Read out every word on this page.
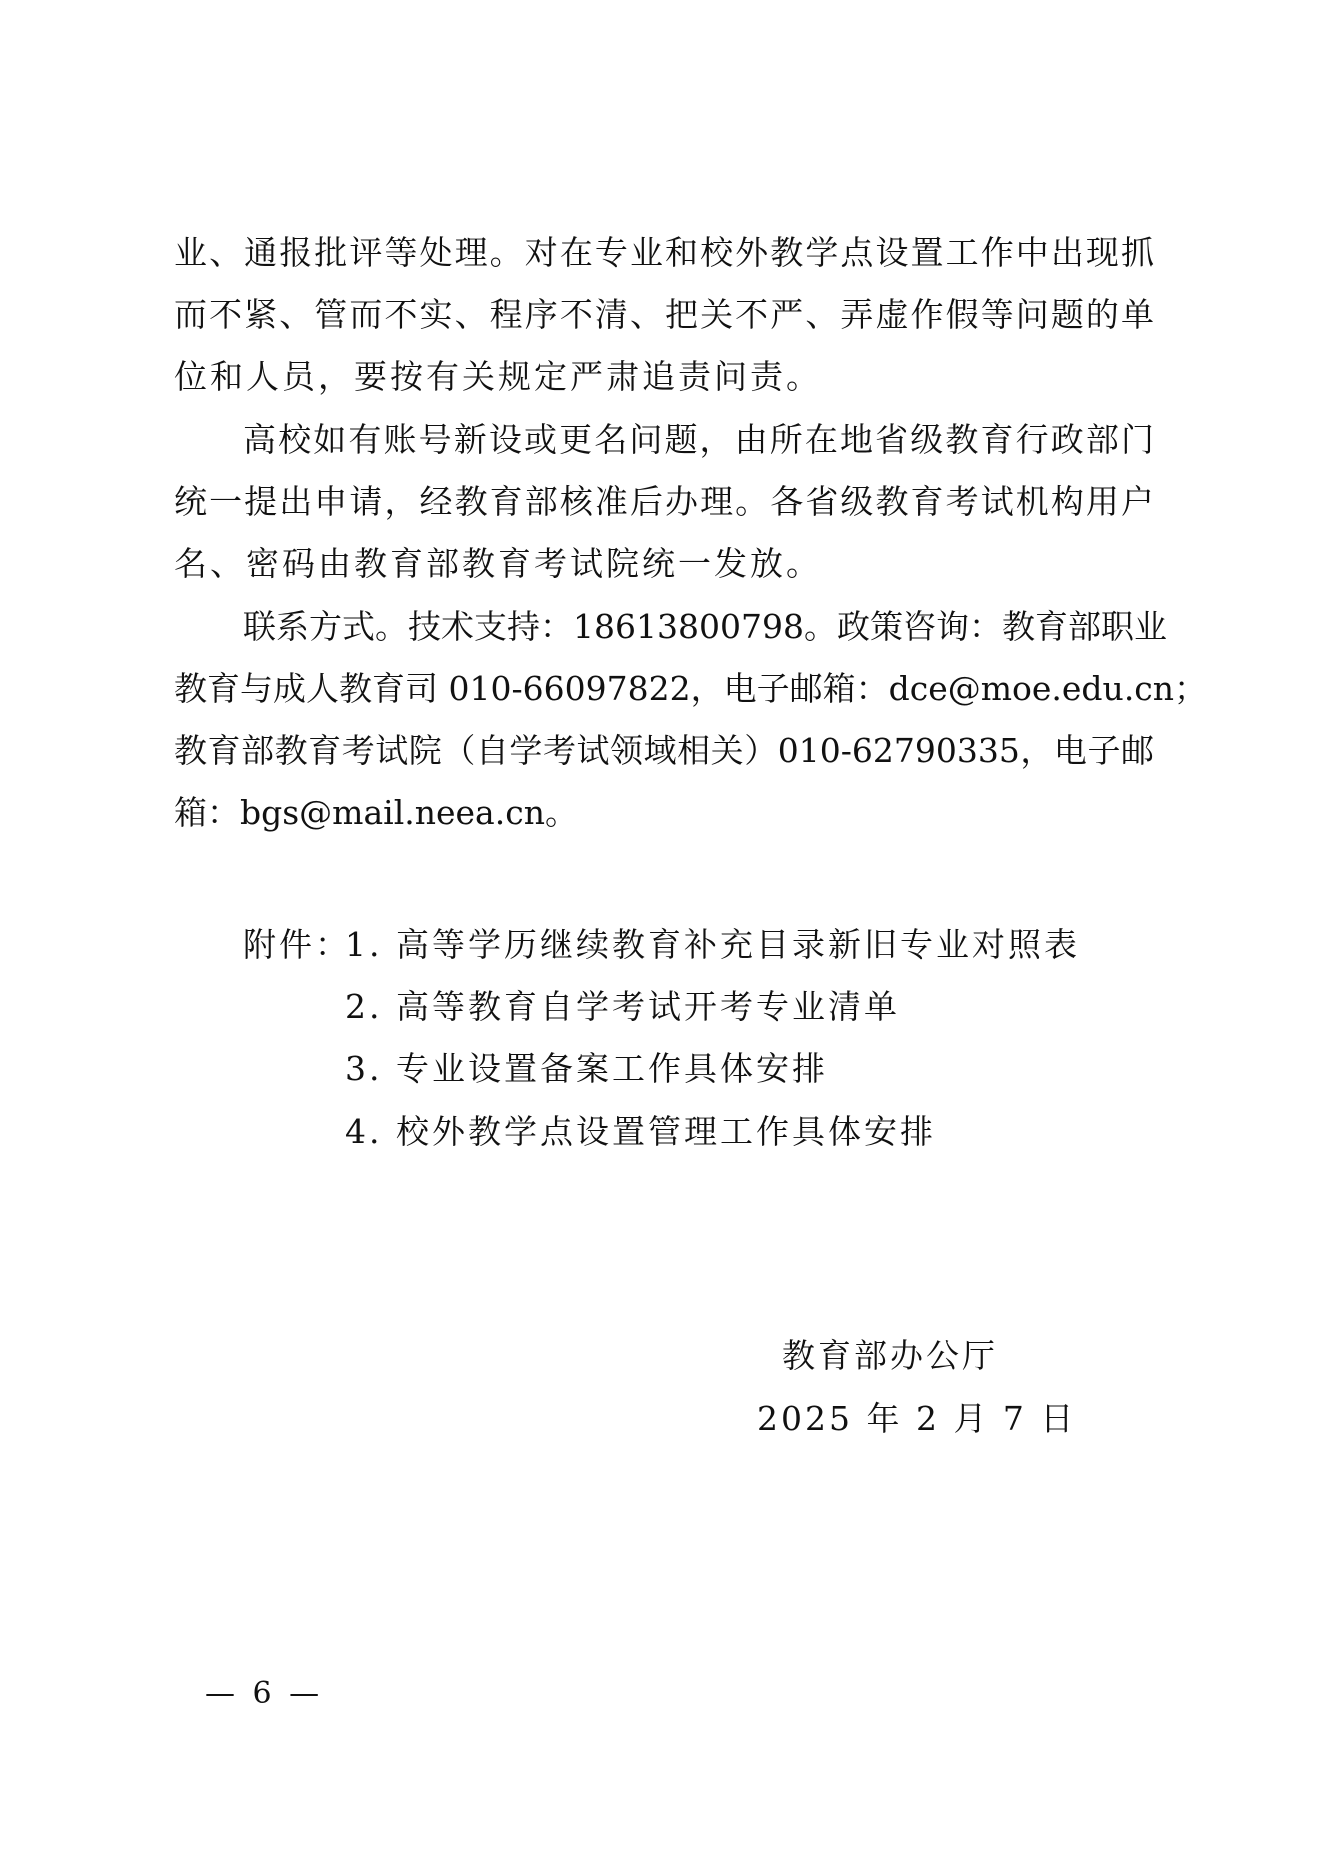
业、通报批评等处理。对在专业和校外教学点设置工作中出现抓
而不紧、管而不实、程序不清、把关不严、弄虚作假等问题的单
位和人员，要按有关规定严肃追责问责。
高校如有账号新设或更名问题，由所在地省级教育行政部门
统一提出申请，经教育部核准后办理。各省级教育考试机构用户
名、密码由教育部教育考试院统一发放。
联系方式。技术支持：18613800798。政策咨询：教育部职业
教育与成人教育司 010-66097822，电子邮箱：dce@moe.edu.cn；
教育部教育考试院（自学考试领域相关）010-62790335，电子邮
箱：bgs@mail.neea.cn。
附件：
1. 高等学历继续教育补充目录新旧专业对照表
2. 高等教育自学考试开考专业清单
3. 专业设置备案工作具体安排
4. 校外教学点设置管理工作具体安排
教育部办公厅
2025 年 2 月 7 日
— 6 —
